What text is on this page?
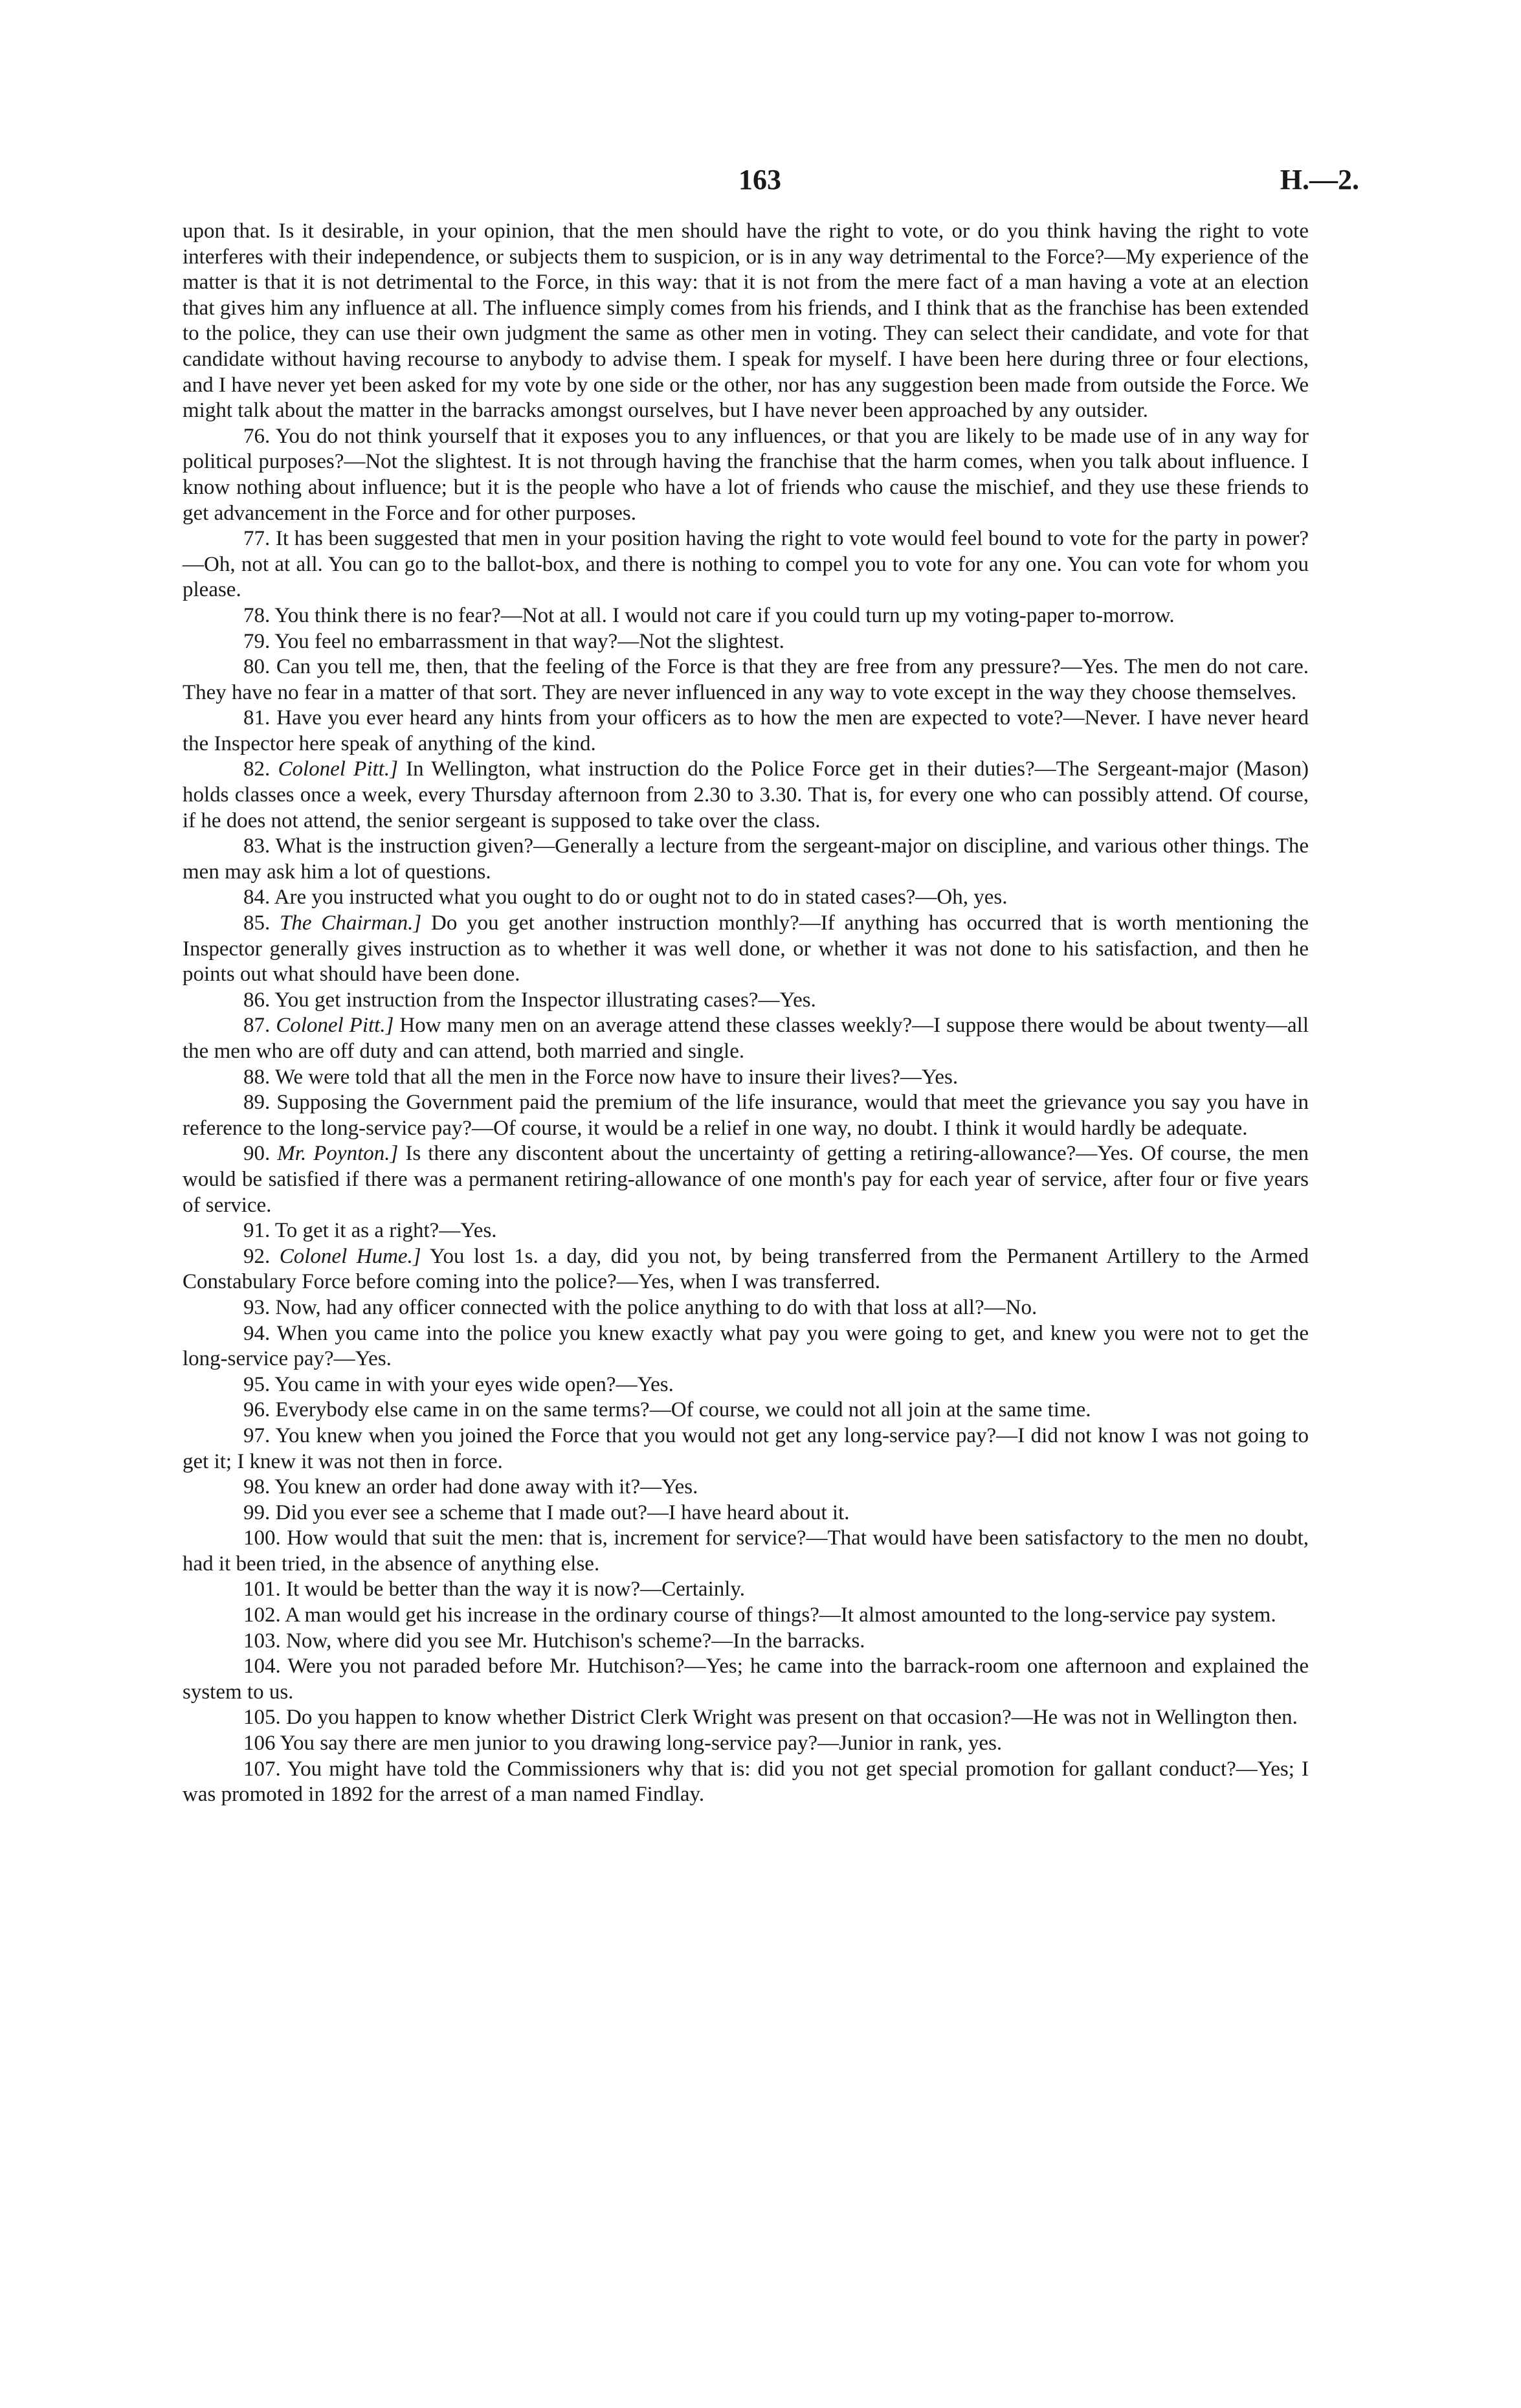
163	H.—2.

upon that. Is it desirable, in your opinion, that the men should have the right to vote, or do you think having the right to vote interferes with their independence, or subjects them to suspicion, or is in any way detrimental to the Force?—My experience of the matter is that it is not detrimental to the Force, in this way: that it is not from the mere fact of a man having a vote at an election that gives him any influence at all. The influence simply comes from his friends, and I think that as the franchise has been extended to the police, they can use their own judgment the same as other men in voting. They can select their candidate, and vote for that candidate without having recourse to anybody to advise them. I speak for myself. I have been here during three or four elections, and I have never yet been asked for my vote by one side or the other, nor has any suggestion been made from outside the Force. We might talk about the matter in the barracks amongst ourselves, but I have never been approached by any outsider.

76. You do not think yourself that it exposes you to any influences, or that you are likely to be made use of in any way for political purposes?—Not the slightest. It is not through having the franchise that the harm comes, when you talk about influence. I know nothing about influence; but it is the people who have a lot of friends who cause the mischief, and they use these friends to get advancement in the Force and for other purposes.

77. It has been suggested that men in your position having the right to vote would feel bound to vote for the party in power?—Oh, not at all. You can go to the ballot-box, and there is nothing to compel you to vote for any one. You can vote for whom you please.

78. You think there is no fear?—Not at all. I would not care if you could turn up my voting-paper to-morrow.

79. You feel no embarrassment in that way?—Not the slightest.

80. Can you tell me, then, that the feeling of the Force is that they are free from any pressure?—Yes. The men do not care. They have no fear in a matter of that sort. They are never influenced in any way to vote except in the way they choose themselves.

81. Have you ever heard any hints from your officers as to how the men are expected to vote?—Never. I have never heard the Inspector here speak of anything of the kind.

82. Colonel Pitt.] In Wellington, what instruction do the Police Force get in their duties?—The Sergeant-major (Mason) holds classes once a week, every Thursday afternoon from 2.30 to 3.30. That is, for every one who can possibly attend. Of course, if he does not attend, the senior sergeant is supposed to take over the class.

83. What is the instruction given?—Generally a lecture from the sergeant-major on discipline, and various other things. The men may ask him a lot of questions.

84. Are you instructed what you ought to do or ought not to do in stated cases?—Oh, yes.

85. The Chairman.] Do you get another instruction monthly?—If anything has occurred that is worth mentioning the Inspector generally gives instruction as to whether it was well done, or whether it was not done to his satisfaction, and then he points out what should have been done.

86. You get instruction from the Inspector illustrating cases?—Yes.

87. Colonel Pitt.] How many men on an average attend these classes weekly?—I suppose there would be about twenty—all the men who are off duty and can attend, both married and single.

88. We were told that all the men in the Force now have to insure their lives?—Yes.

89. Supposing the Government paid the premium of the life insurance, would that meet the grievance you say you have in reference to the long-service pay?—Of course, it would be a relief in one way, no doubt. I think it would hardly be adequate.

90. Mr. Poynton.] Is there any discontent about the uncertainty of getting a retiring-allowance?—Yes. Of course, the men would be satisfied if there was a permanent retiring-allowance of one month's pay for each year of service, after four or five years of service.

91. To get it as a right?—Yes.

92. Colonel Hume.] You lost 1s. a day, did you not, by being transferred from the Permanent Artillery to the Armed Constabulary Force before coming into the police?—Yes, when I was transferred.

93. Now, had any officer connected with the police anything to do with that loss at all?—No.

94. When you came into the police you knew exactly what pay you were going to get, and knew you were not to get the long-service pay?—Yes.

95. You came in with your eyes wide open?—Yes.

96. Everybody else came in on the same terms?—Of course, we could not all join at the same time.

97. You knew when you joined the Force that you would not get any long-service pay?—I did not know I was not going to get it; I knew it was not then in force.

98. You knew an order had done away with it?—Yes.

99. Did you ever see a scheme that I made out?—I have heard about it.

100. How would that suit the men: that is, increment for service?—That would have been satisfactory to the men no doubt, had it been tried, in the absence of anything else.

101. It would be better than the way it is now?—Certainly.

102. A man would get his increase in the ordinary course of things?—It almost amounted to the long-service pay system.

103. Now, where did you see Mr. Hutchison's scheme?—In the barracks.

104. Were you not paraded before Mr. Hutchison?—Yes; he came into the barrack-room one afternoon and explained the system to us.

105. Do you happen to know whether District Clerk Wright was present on that occasion?—He was not in Wellington then.

106 You say there are men junior to you drawing long-service pay?—Junior in rank, yes.

107. You might have told the Commissioners why that is: did you not get special promotion for gallant conduct?—Yes; I was promoted in 1892 for the arrest of a man named Findlay.
